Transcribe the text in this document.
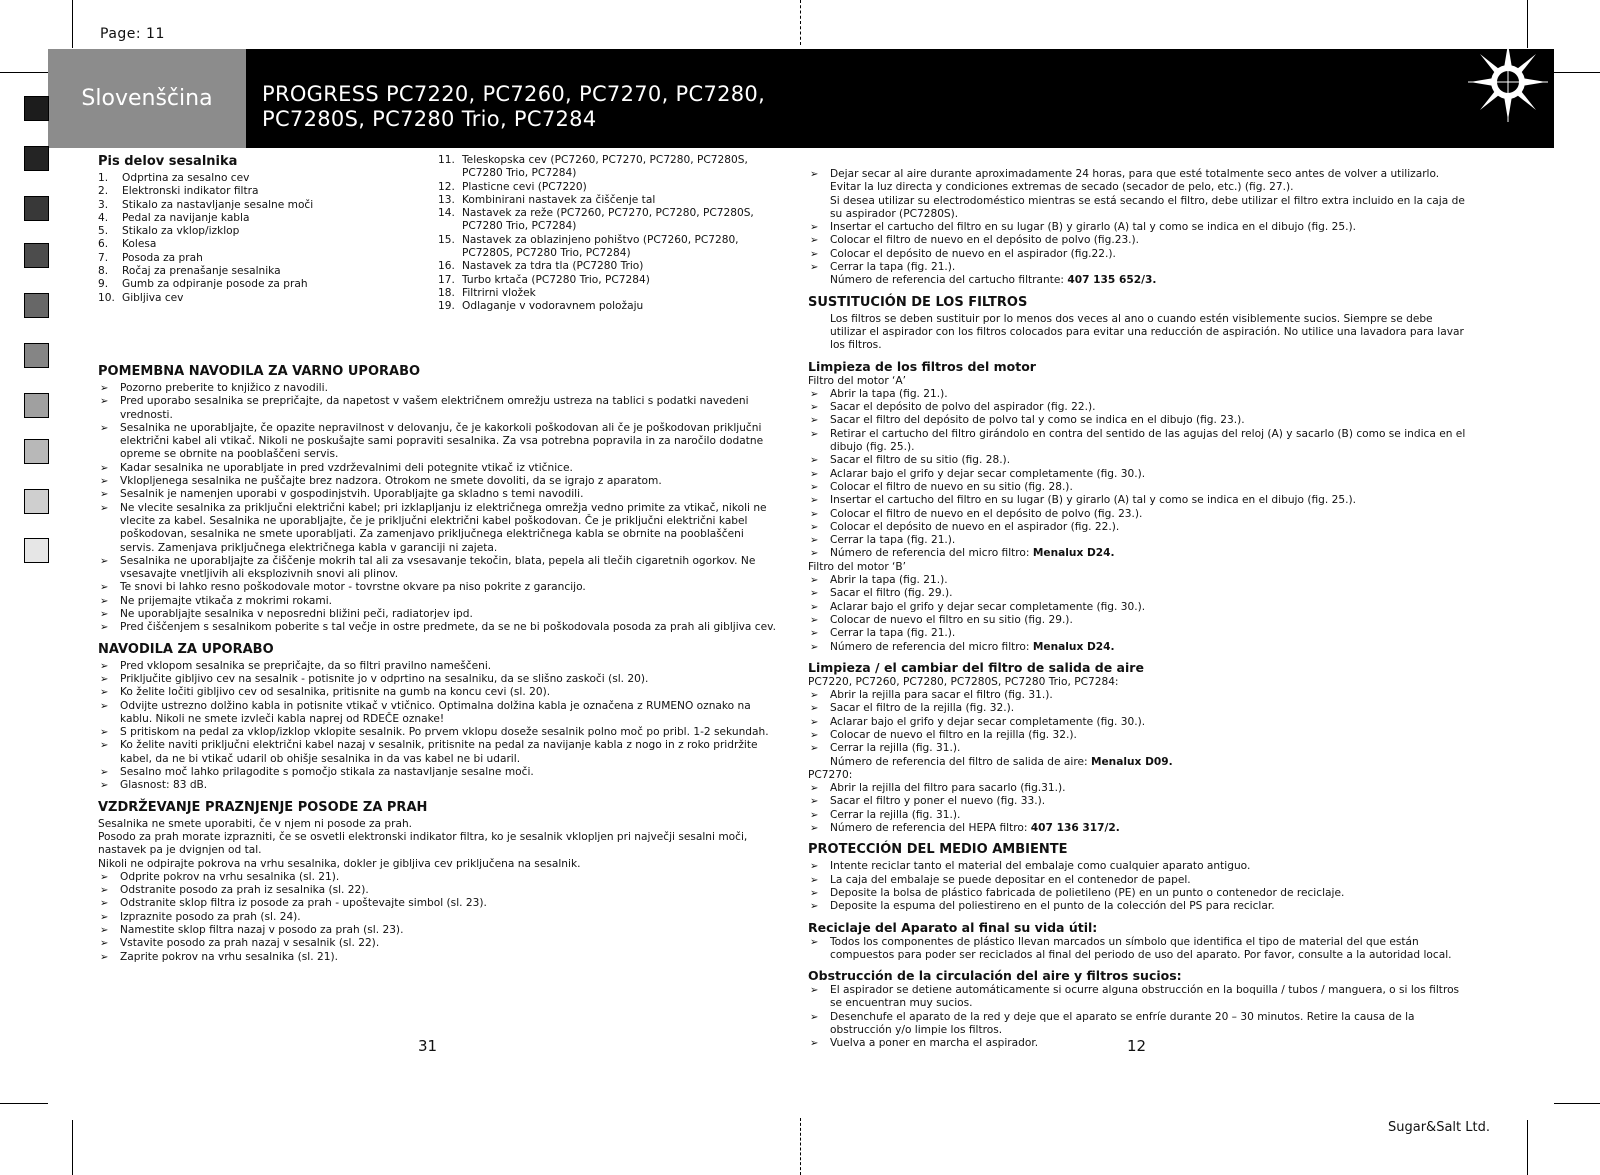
Page: 11
Slovenščina	PROGRESS PC7220, PC7260, PC7270, PC7280,
PC7280S, PC7280 Trio, PC7284
Pis delov sesalnika
1.	Odprtina za sesalno cev
2.	Elektronski indikator filtra
3.	Stikalo za nastavljanje sesalne moči
4.	Pedal za navijanje kabla
5.	Stikalo za vklop/izklop
6.	Kolesa
7.	Posoda za prah
8.	Ročaj za prenašanje sesalnika
9.	Gumb za odpiranje posode za prah
10. Gibljiva cev
11. Teleskopska cev (PC7260, PC7270, PC7280, PC7280S, PC7280 Trio, PC7284)
12. Plasticne cevi (PC7220)
13. Kombinirani nastavek za čiščenje tal
14. Nastavek za reže (PC7260, PC7270, PC7280, PC7280S, PC7280 Trio, PC7284)
15. Nastavek za oblazinjeno pohištvo (PC7260, PC7280, PC7280S, PC7280 Trio, PC7284)
16. Nastavek za tdra tla (PC7280 Trio)
17. Turbo krtača (PC7280 Trio, PC7284)
18. Filtrirni vložek
19. Odlaganje v vodoravnem položaju
POMEMBNA NAVODILA ZA VARNO UPORABO
➢ Pozorno preberite to knjižico z navodili.
➢ Pred uporabo sesalnika se prepričajte, da napetost v vašem električnem omrežju ustreza na tablici s podatki navedeni vrednosti.
➢ Sesalnika ne uporabljajte, če opazite nepravilnost v delovanju, če je kakorkoli poškodovan ali če je poškodovan priključni električni kabel ali vtikač. Nikoli ne poskušajte sami popraviti sesalnika. Za vsa potrebna popravila in za naročilo dodatne opreme se obrnite na pooblaščeni servis.
➢ Kadar sesalnika ne uporabljate in pred vzdrževalnimi deli potegnite vtikač iz vtičnice.
➢ Vklopljenega sesalnika ne puščajte brez nadzora. Otrokom ne smete dovoliti, da se igrajo z aparatom.
➢ Sesalnik je namenjen uporabi v gospodinjstvih. Uporabljajte ga skladno s temi navodili.
➢ Ne vlecite sesalnika za priključni električni kabel; pri izklapljanju iz električnega omrežja vedno primite za vtikač, nikoli ne vlecite za kabel. Sesalnika ne uporabljajte, če je priključni električni kabel poškodovan. Če je priključni električni kabel poškodovan, sesalnika ne smete uporabljati. Za zamenjavo priključnega električnega kabla se obrnite na pooblaščeni servis. Zamenjava priključnega električnega kabla v garanciji ni zajeta.
➢ Sesalnika ne uporabljajte za čiščenje mokrih tal ali za vsesavanje tekočin, blata, pepela ali tlečih cigaretnih ogorkov. Ne vsesavajte vnetljivih ali eksplozivnih snovi ali plinov.
➢ Te snovi bi lahko resno poškodovale motor - tovrstne okvare pa niso pokrite z garancijo.
➢ Ne prijemajte vtikača z mokrimi rokami.
➢ Ne uporabljajte sesalnika v neposredni bližini peči, radiatorjev ipd.
➢ Pred čiščenjem s sesalnikom poberite s tal večje in ostre predmete, da se ne bi poškodovala posoda za prah ali gibljiva cev.
NAVODILA ZA UPORABO
➢ Pred vklopom sesalnika se prepričajte, da so filtri pravilno nameščeni.
➢ Priključite gibljivo cev na sesalnik - potisnite jo v odprtino na sesalniku, da se slišno zaskoči (sl. 20).
➢ Ko želite ločiti gibljivo cev od sesalnika, pritisnite na gumb na koncu cevi (sl. 20).
➢ Odvijte ustrezno dolžino kabla in potisnite vtikač v vtičnico. Optimalna dolžina kabla je označena z RUMENO oznako na kablu. Nikoli ne smete izvleči kabla naprej od RDEČE oznake!
➢ S pritiskom na pedal za vklop/izklop vklopite sesalnik. Po prvem vklopu doseže sesalnik polno moč po pribl. 1-2 sekundah.
➢ Ko želite naviti priključni električni kabel nazaj v sesalnik, pritisnite na pedal za navijanje kabla z nogo in z roko pridržite kabel, da ne bi vtikač udaril ob ohišje sesalnika in da vas kabel ne bi udaril.
➢ Sesalno moč lahko prilagodite s pomočjo stikala za nastavljanje sesalne moči.
➢ Glasnost: 83 dB.
VZDRŽEVANJE PRAZNJENJE POSODE ZA PRAH

Sesalnika ne smete uporabiti, če v njem ni posode za prah.

Posodo za prah morate izprazniti, če se osvetli elektronski indikator filtra, ko je sesalnik vklopljen pri največji sesalni moči, nastavek pa je dvignjen od tal.

Nikoli ne odpirajte pokrova na vrhu sesalnika, dokler je gibljiva cev priključena na sesalnik.

➢ Odprite pokrov na vrhu sesalnika (sl. 21).
➢ Odstranite posodo za prah iz sesalnika (sl. 22).
➢ Odstranite sklop filtra iz posode za prah - upoštevajte simbol (sl. 23).
➢ Izpraznite posodo za prah (sl. 24).
➢ Namestite sklop filtra nazaj v posodo za prah (sl. 23).
➢ Vstavite posodo za prah nazaj v sesalnik (sl. 22).
➢ Zaprite pokrov na vrhu sesalnika (sl. 21).
31
➢ Dejar secar al aire durante aproximadamente 24 horas, para que esté totalmente seco antes de volver a utilizarlo. Evitar la luz directa y condiciones extremas de secado (secador de pelo, etc.) (fig. 27.).
Si desea utilizar su electrodoméstico mientras se está secando el filtro, debe utilizar el filtro extra incluido en la caja de su aspirador (PC7280S).
➢ Insertar el cartucho del filtro en su lugar (B) y girarlo (A) tal y como se indica en el dibujo (fig. 25.).
➢ Colocar el filtro de nuevo en el depósito de polvo (fig.23.).
➢ Colocar el depósito de nuevo en el aspirador (fig.22.).
➢ Cerrar la tapa (fig. 21.).

Número de referencia del cartucho filtrante: 407 135 652/3.

SUSTITUCIÓN DE LOS FILTROS

Los filtros se deben sustituir por lo menos dos veces al ano o cuando estén visiblemente sucios. Siempre se debe utilizar el aspirador con los filtros colocados para evitar una reducción de aspiración. No utilice una lavadora para lavar los filtros.

Limpieza de los filtros del motor

Filtro del motor ‘A’

➢ Abrir la tapa (fig. 21.).
➢ Sacar el depósito de polvo del aspirador (fig. 22.).
➢ Sacar el filtro del depósito de polvo tal y como se indica en el dibujo (fig. 23.).
➢ Retirar el cartucho del filtro girándolo en contra del sentido de las agujas del reloj (A) y sacarlo (B) como se indica en el dibujo (fig. 25.).
➢ Sacar el filtro de su sitio (fig. 28.).
➢ Aclarar bajo el grifo y dejar secar completamente (fig. 30.).
➢ Colocar el filtro de nuevo en su sitio (fig. 28.).
➢ Insertar el cartucho del filtro en su lugar (B) y girarlo (A) tal y como se indica en el dibujo (fig. 25.).
➢ Colocar el filtro de nuevo en el depósito de polvo (fig. 23.).
➢ Colocar el depósito de nuevo en el aspirador (fig. 22.).
➢ Cerrar la tapa (fig. 21.).
➢ Número de referencia del micro filtro: Menalux D24.

Filtro del motor ‘B’

➢ Abrir la tapa (fig. 21.).
➢ Sacar el filtro (fig. 29.).
➢ Aclarar bajo el grifo y dejar secar completamente (fig. 30.).
➢ Colocar de nuevo el filtro en su sitio (fig. 29.).
➢ Cerrar la tapa (fig. 21.).
➢ Número de referencia del micro filtro: Menalux D24.
Limpieza / el cambiar del filtro de salida de aire

PC7220, PC7260, PC7280, PC7280S, PC7280 Trio, PC7284:

➢ Abrir la rejilla para sacar el filtro (fig. 31.).
➢ Sacar el filtro de la rejilla (fig. 32.).
➢ Aclarar bajo el grifo y dejar secar completamente (fig. 30.).
➢ Colocar de nuevo el filtro en la rejilla (fig. 32.).
➢ Cerrar la rejilla (fig. 31.).

Número de referencia del filtro de salida de aire: Menalux D09.

PC7270:

➢ Abrir la rejilla del filtro para sacarlo (fig.31.).
➢ Sacar el filtro y poner el nuevo (fig. 33.).
➢ Cerrar la rejilla (fig. 31.).
➢ Número de referencia del HEPA filtro: 407 136 317/2.
PROTECCIÓN DEL MEDIO AMBIENTE
➢ Intente reciclar tanto el material del embalaje como cualquier aparato antiguo.
➢ La caja del embalaje se puede depositar en el contenedor de papel.
➢ Deposite la bolsa de plástico fabricada de polietileno (PE) en un punto o contenedor de reciclaje.
➢ Deposite la espuma del poliestireno en el punto de la colección del PS para reciclar.
Reciclaje del Aparato al final su vida útil:
➢ Todos los componentes de plástico llevan marcados un símbolo que identifica el tipo de material del que están compuestos para poder ser reciclados al final del periodo de uso del aparato. Por favor, consulte a la autoridad local.
Obstrucción de la circulación del aire y filtros sucios:
➢ El aspirador se detiene automáticamente si ocurre alguna obstrucción en la boquilla / tubos / manguera, o si los filtros se encuentran muy sucios.
➢ Desenchufe el aparato de la red y deje que el aparato se enfríe durante 20 – 30 minutos. Retire la causa de la obstrucción y/o limpie los filtros.
➢ Vuelva a poner en marcha el aspirador.	12
Sugar&Salt Ltd.
